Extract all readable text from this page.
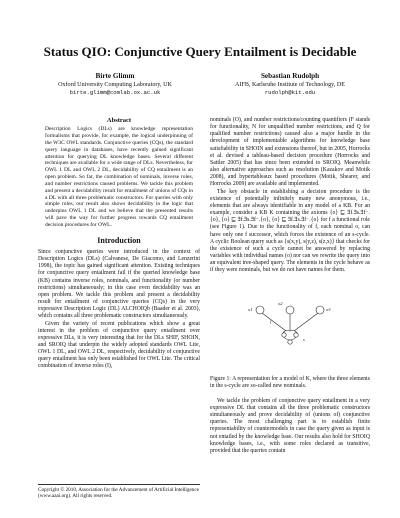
Status QIO: Conjunctive Query Entailment is Decidable
Birte Glimm
Oxford University Computing Laboratory, UK
birte.glimm@comlab.ox.ac.uk
Sebastian Rudolph
AIFB, Karlsruhe Institute of Technology, DE
rudolph@kit.edu
Abstract

Description Logics (DLs) are knowledge representation formalisms that provide, for example, the logical underpinning of the W3C OWL standards. Conjunctive queries (CQs), the standard query language in databases, have recently gained significant attention for querying DL knowledge bases. Several different techniques are available for a wide range of DLs. Nevertheless, for OWL 1 DL and OWL 2 DL, decidability of CQ entailment is an open problem. So far, the combination of nominals, inverse roles, and number restrictions caused problems. We tackle this problem and present a decidability result for entailment of unions of CQs in a DL with all three problematic constructors. For queries with only simple roles, our result also shows decidability in the logic that underpins OWL 1 DL and we believe that the presented results will pave the way for further progress towards CQ entailment decision procedures for OWL.

Introduction

Since conjunctive queries were introduced in the context of Description Logics (DLs) (Calvanese, De Giacomo, and Lenzerini 1998), the topic has gained significant attention. Existing techniques for conjunctive query entailment fail if the queried knowledge base (KB) contains inverse roles, nominals, and functionality (or number restrictions) simultaneously; in this case even decidability was an open problem. We tackle this problem and present a decidability result for entailment of conjunctive queries (CQs) in the very expressive Description Logic (DL) ALCHOIQb (Baader et al. 2003), which contains all three problematic constructors simultaneously.

Given the variety of recent publications which show a great interest in the problem of conjunctive query entailment over expressive DLs, it is very interesting that for the DLs SHIF, SHOIN, and SROIQ that underpin the widely adopted standards OWL Lite, OWL 1 DL, and OWL 2 DL, respectively, decidability of conjunctive query entailment has only been established for OWL Lite. The critical combination of inverse roles (I),

Copyright © 2010, Association for the Advancement of Artificial Intelligence (www.aaai.org). All rights reserved.

nominals (O), and number restrictions/counting quantifiers (F stands for functionality, N for unqualified number restrictions, and Q for qualified number restrictions) caused also a major hurdle in the development of implementable algorithms for knowledge base satisfiability in SHOIN and extensions thereof, but in 2005, Horrocks et al. devised a tableau-based decision procedure (Horrocks and Sattler 2005) that has since been extended to SROIQ. Meanwhile also alternative approaches such as resolution (Kazakov and Motik 2008), and hypertableaux based procedures (Motik, Shearer, and Horrocks 2009) are available and implemented.

The key obstacle in establishing a decision procedure is the existence of potentially infinitely many new anonymous, i.e., elements that are always identifiable in any model of a KB. For an example, consider a KB K containing the axioms {o} ⊑ ∃f.∃s.∃f⁻.{o}, {o} ⊑ ∃f.∃s.∃f⁻.{o}, {o} ⊑ ∃f.∃s.∃f⁻.{o} for f a functional role (see Figure 1). Due to the functionality of f, each nominal o, can have only one f successor, which forces the existence of an s-cycle. A cyclic Boolean query such as {s(x,y), s(y,z), s(z,x)} that checks for the existence of such a cycle cannot be answered by replacing variables with individual names (o) nor can we rewrite the query into an equivalent tree-shaped query. The elements in the cycle behave as if they were nominals, but we do not have names for them.

o1
o2
o3
f
s
Figure 1: A representation for a model of K, where the three elements in the s-cycle are so-called new nominals.

We tackle the problem of conjunctive query entailment in a very expressive DL that contains all the three problematic constructors simultaneously and prove decidability of (unions of) conjunctive queries. The most challenging part is to establish finite representability of countermodels in case the query given as input is not entailed by the knowledge base. Our results also hold for SHOIQ knowledge bases, i.e., with some roles declared as transitive, provided that the queries contain
